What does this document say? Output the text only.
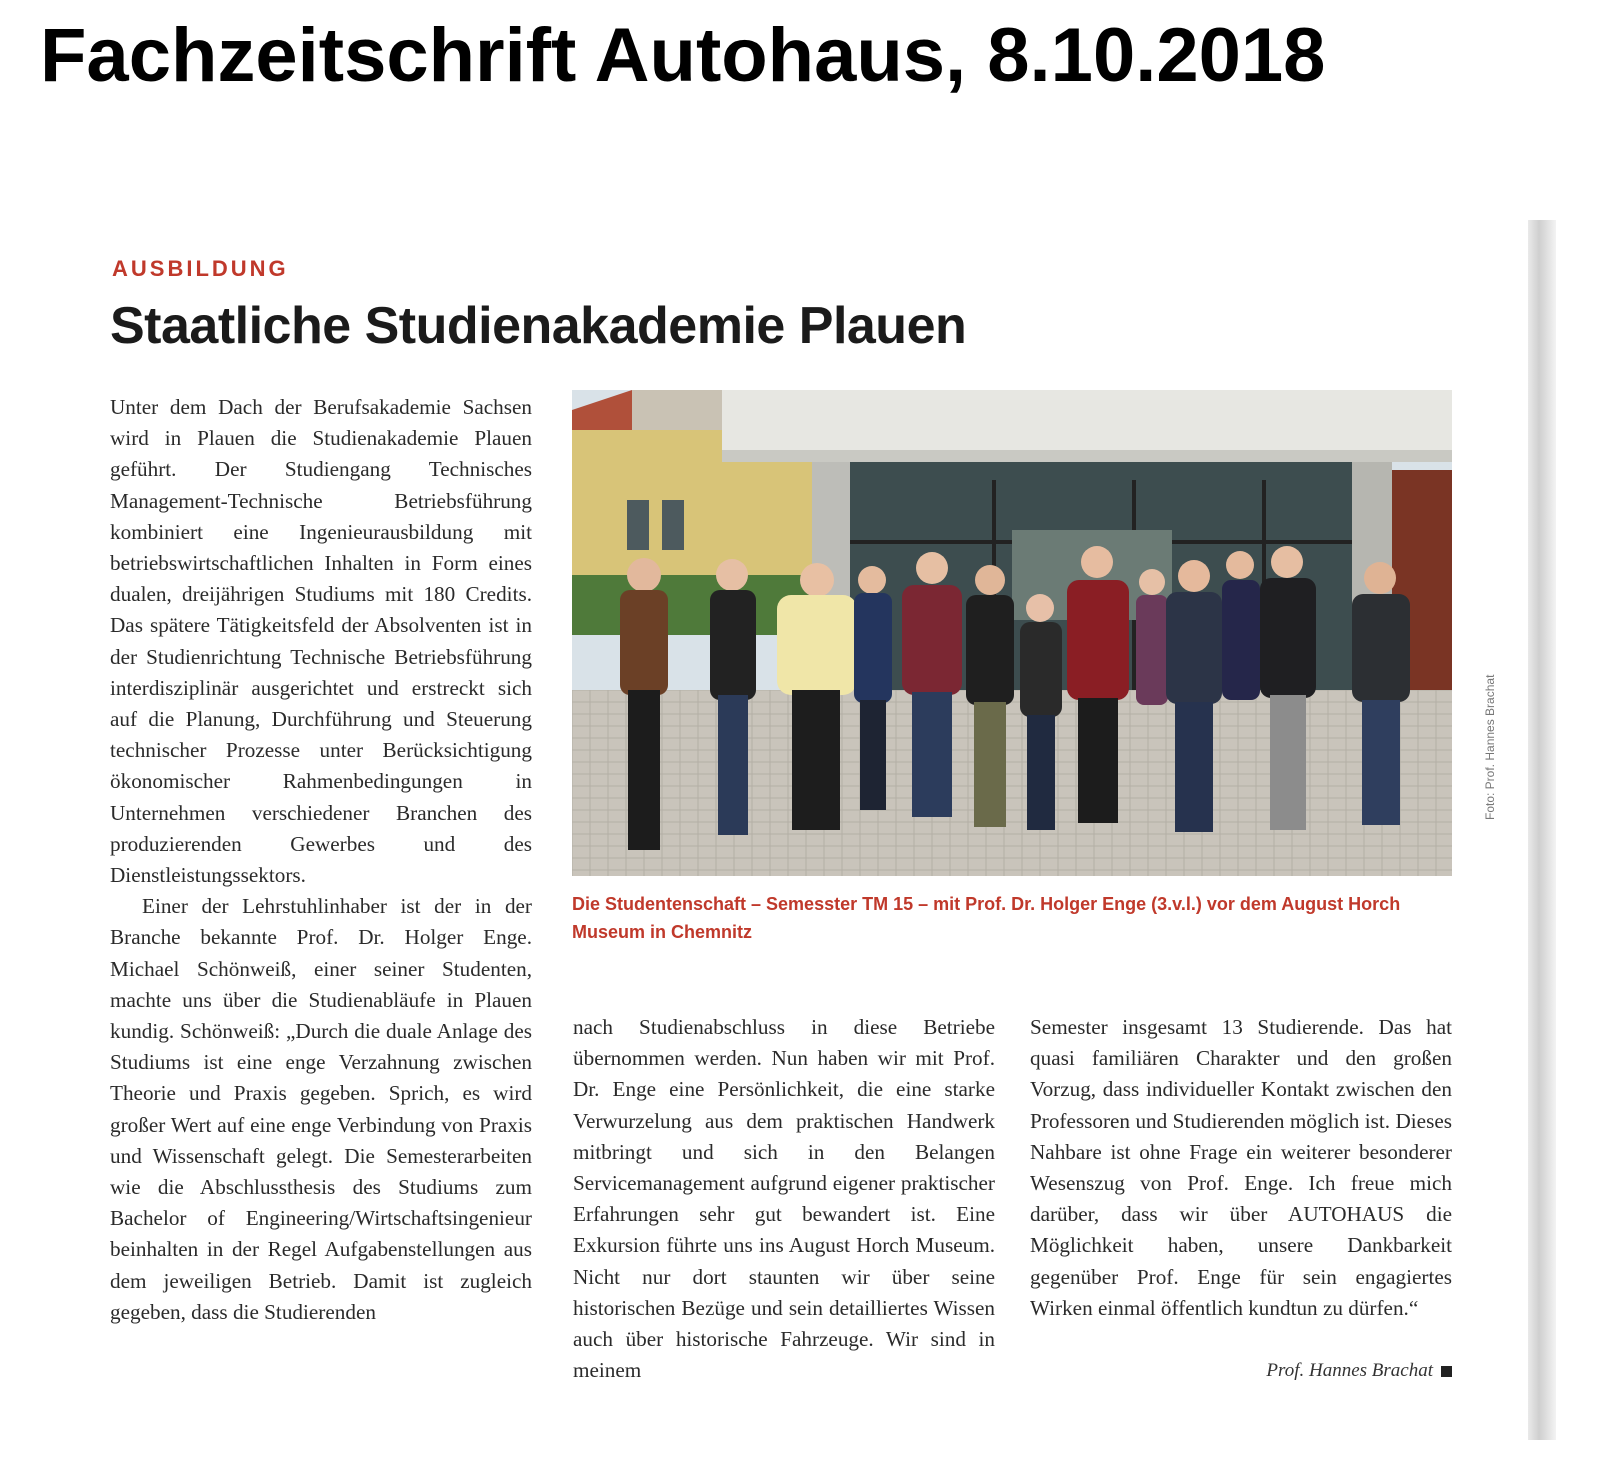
Fachzeitschrift Autohaus, 8.10.2018
AUSBILDUNG
Staatliche Studienakademie Plauen

Unter dem Dach der Berufsakademie Sachsen wird in Plauen die Studienakademie Plauen geführt. Der Studiengang Technisches Management-Technische Betriebsführung kombiniert eine Ingenieurausbildung mit betriebswirtschaftlichen Inhalten in Form eines dualen, dreijährigen Studiums mit 180 Credits. Das spätere Tätigkeitsfeld der Absolventen ist in der Studienrichtung Technische Betriebsführung interdisziplinär ausgerichtet und erstreckt sich auf die Planung, Durchführung und Steuerung technischer Prozesse unter Berücksichtigung ökonomischer Rahmenbedingungen in Unternehmen verschiedener Branchen des produzierenden Gewerbes und des Dienstleistungssektors.

Einer der Lehrstuhlinhaber ist der in der Branche bekannte Prof. Dr. Holger Enge. Michael Schönweiß, einer seiner Studenten, machte uns über die Studienabläufe in Plauen kundig. Schönweiß: „Durch die duale Anlage des Studiums ist eine enge Verzahnung zwischen Theorie und Praxis gegeben. Sprich, es wird großer Wert auf eine enge Verbindung von Praxis und Wissenschaft gelegt. Die Semesterarbeiten wie die Abschlussthesis des Studiums zum Bachelor of Engineering/Wirtschaftsingenieur beinhalten in der Regel Aufgabenstellungen aus dem jeweiligen Betrieb. Damit ist zugleich gegeben, dass die Studierenden

Foto: Prof. Hannes Brachat
Die Studentenschaft – Semesster TM 15 – mit Prof. Dr. Holger Enge (3.v.l.) vor dem August Horch Museum in Chemnitz

nach Studienabschluss in diese Betriebe übernommen werden. Nun haben wir mit Prof. Dr. Enge eine Persönlichkeit, die eine starke Verwurzelung aus dem praktischen Handwerk mitbringt und sich in den Belangen Servicemanagement aufgrund eigener praktischer Erfahrungen sehr gut bewandert ist. Eine Exkursion führte uns ins August Horch Museum. Nicht nur dort staunten wir über seine historischen Bezüge und sein detailliertes Wissen auch über historische Fahrzeuge. Wir sind in meinem

Semester insgesamt 13 Studierende. Das hat quasi familiären Charakter und den großen Vorzug, dass individueller Kontakt zwischen den Professoren und Studierenden möglich ist. Dieses Nahbare ist ohne Frage ein weiterer besonderer Wesenszug von Prof. Enge. Ich freue mich darüber, dass wir über AUTOHAUS die Möglichkeit haben, unsere Dankbarkeit gegenüber Prof. Enge für sein engagiertes Wirken einmal öffentlich kundtun zu dürfen.“

Prof. Hannes Brachat
